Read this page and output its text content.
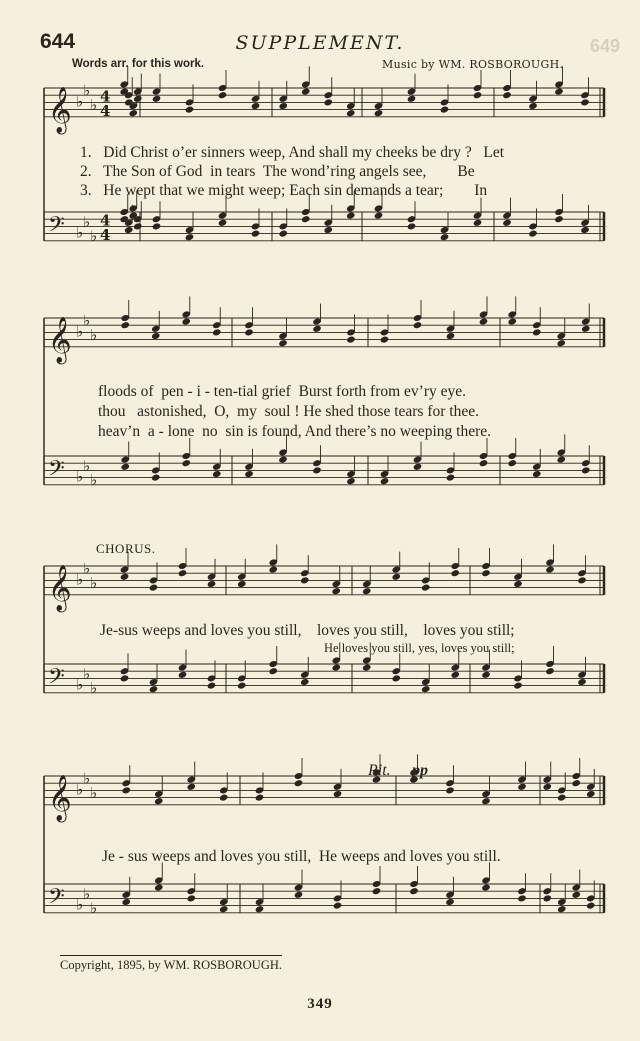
644	SUPPLEMENT.	649
Words arr. for this work.	Music by WM. ROSBOROUGH.
𝄞 ♭
♭
♭ 4
4
𝄢 ♭
♭
♭
4
4
𝄞 ♭
♭
♭
𝄢 ♭
♭
♭
𝄞 ♭
♭
♭
𝄢 ♭
♭
♭
𝄞 ♭
♭
♭
𝄢 ♭
♭
♭
1.   Did Christ o’er sinners weep, And shall my cheeks be dry ?   Let
2.   The Son of God  in tears  The wond’ring angels see,        Be
3.   He wept that we might weep; Each sin demands a tear;        In
floods of  pen - i - ten-tial grief  Burst forth from ev’ry eye.
thou   astonished,  O,  my  soul ! He shed those tears for thee.
heav’n  a - lone  no  sin is found, And there’s no weeping there.
CHORUS.
Je-sus weeps and loves you still,    loves you still,    loves you still;
He loves you still, yes, loves you still;
Rit. pp
Je - sus weeps and loves you still,  He weeps and loves you still.
Copyright, 1895, by WM. ROSBOROUGH.
349
